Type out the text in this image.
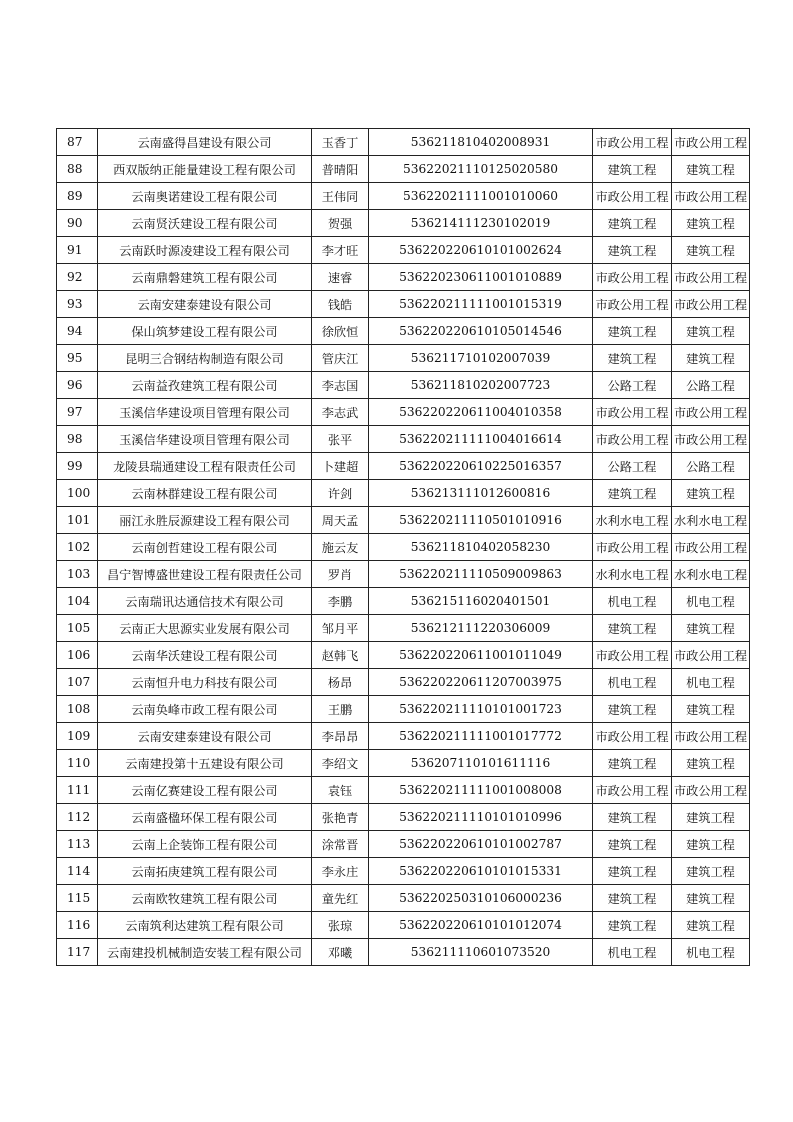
87	云南盛得昌建设有限公司	玉香丁	536211810402008931	市政公用工程	市政公用工程
88	西双版纳正能量建设工程有限公司	普晴阳	53622021110125020580	建筑工程	建筑工程
89	云南奥诺建设工程有限公司	王伟同	53622021111001010060	市政公用工程	市政公用工程
90	云南贤沃建设工程有限公司	贺强	536214111230102019	建筑工程	建筑工程
91	云南跃时源凌建设工程有限公司	李才旺	536220220610101002624	建筑工程	建筑工程
92	云南鼎磐建筑工程有限公司	速睿	536220230611001010889	市政公用工程	市政公用工程
93	云南安建泰建设有限公司	钱皓	536220211111001015319	市政公用工程	市政公用工程
94	保山筑梦建设工程有限公司	徐欣恒	536220220610105014546	建筑工程	建筑工程
95	昆明三合钢结构制造有限公司	管庆江	536211710102007039	建筑工程	建筑工程
96	云南益孜建筑工程有限公司	李志国	536211810202007723	公路工程	公路工程
97	玉溪信华建设项目管理有限公司	李志武	536220220611004010358	市政公用工程	市政公用工程
98	玉溪信华建设项目管理有限公司	张平	536220211111004016614	市政公用工程	市政公用工程
99	龙陵县瑞通建设工程有限责任公司	卜建超	536220220610225016357	公路工程	公路工程
100	云南林群建设工程有限公司	许剑	536213111012600816	建筑工程	建筑工程
101	丽江永胜辰源建设工程有限公司	周天孟	536220211110501010916	水利水电工程	水利水电工程
102	云南创哲建设工程有限公司	施云友	536211810402058230	市政公用工程	市政公用工程
103	昌宁智博盛世建设工程有限责任公司	罗肖	536220211110509009863	水利水电工程	水利水电工程
104	云南瑞讯达通信技术有限公司	李鹏	536215116020401501	机电工程	机电工程
105	云南正大思源实业发展有限公司	邹月平	536212111220306009	建筑工程	建筑工程
106	云南华沃建设工程有限公司	赵韩飞	536220220611001011049	市政公用工程	市政公用工程
107	云南恒升电力科技有限公司	杨昂	536220220611207003975	机电工程	机电工程
108	云南奂峰市政工程有限公司	王鹏	536220211110101001723	建筑工程	建筑工程
109	云南安建泰建设有限公司	李昂昂	536220211111001017772	市政公用工程	市政公用工程
110	云南建投第十五建设有限公司	李绍文	536207110101611116	建筑工程	建筑工程
111	云南亿赛建设工程有限公司	袁钰	536220211111001008008	市政公用工程	市政公用工程
112	云南盛楹环保工程有限公司	张艳青	536220211110101010996	建筑工程	建筑工程
113	云南上企装饰工程有限公司	涂常晋	536220220610101002787	建筑工程	建筑工程
114	云南拓庚建筑工程有限公司	李永庄	536220220610101015331	建筑工程	建筑工程
115	云南欧牧建筑工程有限公司	童先红	536220250310106000236	建筑工程	建筑工程
116	云南筑利达建筑工程有限公司	张琼	536220220610101012074	建筑工程	建筑工程
117	云南建投机械制造安装工程有限公司	邓曦	536211110601073520	机电工程	机电工程
